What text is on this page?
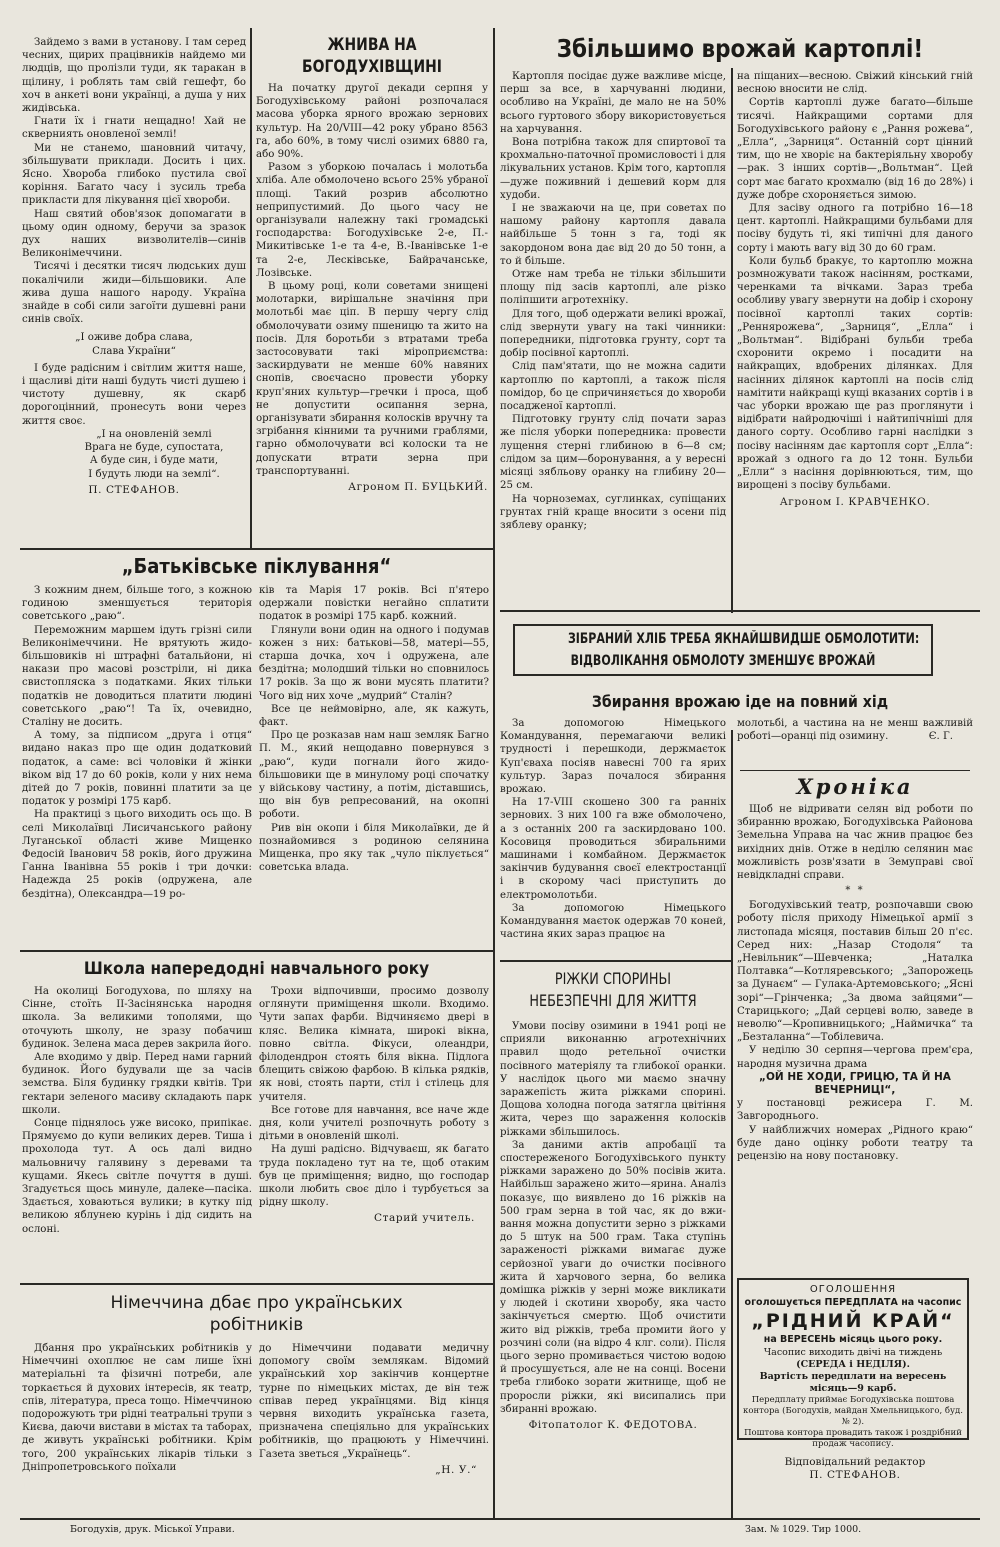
Зайдемо з вами в установу. І там серед чесних, щирих працівників найдемо ми людців, що пролізли туди, як таракан в щілину, і роблять там свій гешефт, бо хоч в анкеті вони українці, а душа у них жидівська.

Гнати їх і гнати нещадно! Хай не скверниять оновленої землі!

Ми не станемо, шановний читачу, збільшувати приклади. Досить і цих. Ясно. Хвороба глибоко пустила свої коріння. Багато часу і зусиль треба прикласти для лікування цієї хвороби.

Наш святий обов'язок допомагати в цьому один одному, беручи за зразок дух наших визволителів—синів Великонімеччини.

Тисячі і десятки тисяч людських душ покалічили жиди—більшовики. Але жива душа нашого народу. Україна знайде в собі сили загоїти душевні рани синів своїх.

„І оживе добра слава,

Слава України“

І буде радісним і світлим життя наше, і щасливі діти наші будуть чисті душею і чистоту душевну, як скарб дорогоцінний, пронесуть вони через життя своє.

„І на оновленій землі

Врага не буде, супостата,

А буде син, і буде мати,

І будуть люди на землі“.

П. СТЕФАНОВ.

ЖНИВА НА БОГОДУХІВЩИНІ

На початку другої декади серпня у Богодухівському районі розпочалася масова уборка ярного врожаю зернових культур. На 20/VIII—42 року убрано 8563 га, або 60%, в тому числі озимих 6880 га, або 90%.

Разом з уборкою почалась і молотьба хліба. Але обмолочено всього 25% убраної площі. Такий розрив абсолютно неприпустимий. До цього часу не організували належну такі громадські господарства: Богодухівське 2-е, П.-Микитівське 1-е та 4-е, В.-Іванівське 1-е та 2-е, Лесківське, Байрачанське, Лозівське.

В цьому році, коли советами знищені молотарки, вирішальне значіння при молотьбі має ціп. В першу чергу слід обмолочувати озиму пшеницю та жито на посів. Для боротьби з втратами треба застосовувати такі міроприємства: заскирдувати не менше 60% навяних снопів, своєчасно провести уборку круп'яних культур—гречки і проса, щоб не допустити осипання зерна, організувати збирання колосків вручну та згрібання кінними та ручними граблями, гарно обмолочувати всі колоски та не допускати втрати зерна при транспортуванні.

Агроном П. БУЦЬКИЙ.

Збільшимо врожай картоплі!

Картопля посідає дуже важливе місце, перш за все, в харчуванні людини, особливо на Україні, де мало не на 50% всього гуртового збору використовується на харчування.

Вона потрібна також для спиртової та крохмально-паточної промисловості і для лікувальних установ. Крім того, картопля—дуже поживний і дешевий корм для худоби.

І не зважаючи на це, при советах по нашому району картопля давала найбільше 5 тонн з га, тоді як закордоном вона дає від 20 до 50 тонн, а то й більше.

Отже нам треба не тільки збільшити площу під засів картоплі, але різко поліпшити агротехніку.

Для того, щоб одержати великі врожаї, слід звернути увагу на такі чинники: попередники, підготовка грунту, сорт та добір посівної картоплі.

Слід пам'ятати, що не можна садити картоплю по картоплі, а також після помідор, бо це спричиняється до хвороби посадженої картоплі.

Підготовку грунту слід почати зараз же після уборки попередника: провести лущення стерні глибиною в 6—8 см; слідом за цим—боронування, а у вересні місяці зябльову оранку на глибину 20—25 см.

На чорноземах, суглинках, супіщаних грунтах гній краще вносити з осени під зяблеву оранку;

на піщаних—весною. Свіжий кінський гній весною вносити не слід.

Сортів картоплі дуже багато—більше тисячі. Найкращими сортами для Богодухівського району є „Рання рожева“, „Елла“, „Зарниця“. Останній сорт цінний тим, що не хворіє на бактеріяльну хворобу—рак. З інших сортів—„Вольтман“. Цей сорт має багато крохмалю (від 16 до 28%) і дуже добре схороняється зимою.

Для засіву одного га потрібно 16—18 цент. картоплі. Найкращими бульбами для посіву будуть ті, які типічні для даного сорту і мають вагу від 30 до 60 грам.

Коли бульб бракує, то картоплю можна розмножувати також насінням, ростками, черенками та вічками. Зараз треба особливу увагу звернути на добір і схорону посівної картоплі таких сортів: „Реннярожева“, „Зарниця“, „Елла“ і „Вольтман“. Відібрані бульби треба схоронити окремо і посадити на найкращих, вдобрених ділянках. Для насінних ділянок картоплі на посів слід намітити найкращі кущі вказаних сортів і в час уборки врожаю ще раз проглянути і відібрати найродючіші і найтипічніші для даного сорту. Особливо гарні наслідки з посіву насінням дає картопля сорт „Елла“: врожай з одного га до 12 тонн. Бульби „Елли“ з насіння дорівнюються, тим, що вирощені з посіву бульбами.

Агроном І. КРАВЧЕНКО.

„Батьківське піклування“

З кожним днем, більше того, з кожною годиною зменшується територія советського „раю“.

Переможним маршем ідуть грізні сили Великонімеччини. Не врятують жидо-більшовиків ні штрафні батальйони, ні накази про масові розстріли, ні дика свистопляска з податками. Яких тільки податків не доводиться платити людині советського „раю“! Та їх, очевидно, Сталіну не досить.

А тому, за підписом „друга і отця“ видано наказ про ще один додатковий податок, а саме: всі чоловіки й жінки віком від 17 до 60 років, коли у них нема дітей до 7 років, повинні платити за це податок у розмірі 175 карб.

На практиці з цього виходить ось що. В селі Миколаївці Лисичанського району Луганської області живе Мищенко Федосій Іванович 58 років, його дружина Ганна Іванівна 55 років і три дочки: Надежда 25 років (одружена, але бездітна), Олександра—19 ро-

ків та Марія 17 років. Всі п'ятеро одержали повістки негайно сплатити податок в розмірі 175 карб. кожний.

Глянули вони один на одного і подумав кожен з них: батькові—58, матері—55, старша дочка, хоч і одружена, але бездітна; молодший тільки но сповнилось 17 років. За що ж вони мусять платити? Чого від них хоче „мудрий“ Сталін?

Все це неймовірно, але, як кажуть, факт.

Про це розказав нам наш земляк Багно П. М., який нещодавно повернувся з „раю“, куди погнали його жидо-більшовики ще в минулому році спочатку у військову частину, а потім, діставшись, що він був репресований, на окопні роботи.

Рив він окопи і біля Миколаївки, де й познайомився з родиною селянина Мищенка, про яку так „чуло піклується“ советська влада.

Школа напередодні навчального року

На околиці Богодухова, по шляху на Сінне, стоїть ІІ-Засінянська народня школа. За великими тополями, що оточують школу, не зразу побачиш будинок. Зелена маса дерев закрила його.

Але входимо у двір. Перед нами гарний будинок. Його будували ще за часів земства. Біля будинку грядки квітів. Три гектари зеленого масиву складають парк школи.

Сонце піднялось уже високо, припікає. Прямуємо до купи великих дерев. Тиша і прохолода тут. А ось далі видно мальовничу галявину з деревами та кущами. Якесь світле почуття в душі. Згадується щось минуле, далеке—пасіка. Здається, ховаються вулики; в кутку під великою яблунею курінь і дід сидить на ослоні.

Трохи відпочивши, просимо дозволу оглянути приміщення школи. Входимо. Чути запах фарби. Відчиняємо двері в кляс. Велика кімната, широкі вікна, повно світла. Фікуси, олеандри, філодендрон стоять біля вікна. Підлога блещить свіжою фарбою. В кілька рядків, як нові, стоять парти, стіл і стілець для учителя.

Все готове для навчання, все наче жде дня, коли учителі розпочнуть роботу з дітьми в оновленій школі.

На душі радісно. Відчуваєш, як багато труда покладено тут на те, щоб отаким був це приміщення; видно, що господар школи любить своє діло і турбується за рідну школу.

Старий учитель.

Німеччина дбає про українських

робітників

Дбання про українських робітників у Німеччині охоплює не сам лише їхні матеріальні та фізичні потреби, але торкається й духових інтересів, як театр, спів, література, преса тощо. Німеччиною подорожують три рідні театральні трупи з Києва, даючи вистави в містах та таборах, де живуть українські робітники. Крім того, 200 українських лікарів тільки з Дніпропетровського поїхали

до Німеччини подавати медичну допомогу своїм землякам. Відомий український хор закінчив концертне турне по німецьких містах, де він теж співав перед українцями. Від кінця червня виходить українська газета, призначена спеціяльно для українських робітників, що працюють у Німеччині. Газета зветься „Українець“.

„Н. У.“

ЗІБРАНИЙ ХЛІБ ТРЕБА ЯКНАЙШВИДШЕ ОБМОЛОТИТИ:

ВІДВОЛІКАННЯ ОБМОЛОТУ ЗМЕНШУЄ ВРОЖАЙ

Збирання врожаю іде на повний хід

За допомогою Німецького Командування, перемагаючи великі трудності і перешкоди, держмаєток Куп'єваха посіяв навесні 700 га ярих культур. Зараз почалося збирання врожаю.

На 17-VIII скошено 300 га ранніх зернових. З них 100 га вже обмолочено, а з останніх 200 га заскирдовано 100. Косовиця проводиться збиральними машинами і комбайном. Держмаєток закінчив будування своєї електростанції і в скорому часі приступить до електромолотьби.

За допомогою Німецького Командування маєток одержав 70 коней, частина яких зараз працює на

молотьбі, а частина на не менш важливій роботі—оранці під озимину.	Є. Г.

РІЖКИ СПОРИНЬІ

НЕБЕЗПЕЧНІ ДЛЯ ЖИТТЯ

Умови посіву озимини в 1941 році не сприяли виконанню агротехнічних правил щодо ретельної очистки посівного матеріялу та глибокої оранки. У наслідок цього ми маємо значну заражепість жита ріжками спорині. Дощова холодна погода затягла цвітіння жита, через що зараження колосків ріжками збільшилось.

За даними актів апробації та спостереженого Богодухівського пункту ріжками заражено до 50% посівів жита. Найбільш заражено жито—ярина. Аналіз показує, що виявлено до 16 ріжків на 500 грам зерна в той час, як до вживання можна допустити зерно з ріжками до 5 штук на 500 грам. Така ступінь зараженості ріжками вимагає дуже серйозної уваги до очистки посівного жита й харчового зерна, бо велика домішка ріжків у зерні може викликати у людей і скотини хворобу, яка часто закінчується смертю. Щоб очистити жито від ріжків, треба промити його у розчині соли (на відро 4 клг. соли). Після цього зерно промивається чистою водою й просушується, але не на сонці. Восени треба глибоко зорати житнище, щоб не проросли ріжки, які висипались при збиранні врожаю.

Фітопатолог К. ФЕДОТОВА.

Хроніка

Щоб не відривати селян від роботи по збиранню врожаю, Богодухівська Районова Земельна Управа на час жнив працює без вихідних днів. Отже в неділю селянин має можливість розв'язати в Земуправі свої невідкладні справи.

* *

Богодухівський театр, розпочавши свою роботу після приходу Німецької армії з листопада місяця, поставив більш 20 п'єс. Серед них: „Назар Стодоля“ та „Невільник“—Шевченка; „Наталка Полтавка“—Котляревського; „Запорожець за Дунаєм“ — Гулака-Артемовського; „Ясні зорі“—Грінченка; „За двома зайцями“—Старицького; „Дай серцеві волю, заведе в неволю“—Кропивницького; „Наймичка“ та „Безталанна“—Тобілевича.

У неділю 30 серпня—чергова прем'єра, народня музична драма

„ОЙ НЕ ХОДИ, ГРИЦЮ, ТА Й НА ВЕЧЕРНИЦІ“,

у постановці режисера Г. М. Завгороднього.

У найближчих номерах „Рідного краю“ буде дано оцінку роботи театру та рецензію на нову постановку.

ОГОЛОШЕННЯ

оголошується ПЕРЕДПЛАТА на часопис

„РІДНИЙ КРАЙ“

на ВЕРЕСЕНЬ місяць цього року.

Часопис виходить двічі на тиждень

(СЕРЕДА і НЕДІЛЯ).

Вартість передплати на вересень місяць—9 карб.

Передплату приймає Богодухівська поштова контора (Богодухів, майдан Хмельницького, буд. № 2).

Поштова контора провадить також і роздрібний продаж часопису.

Відповідальний редактор

П. СТЕФАНОВ.

Богодухів, друк. Міської Управи.	Зам. № 1029. Тир 1000.
